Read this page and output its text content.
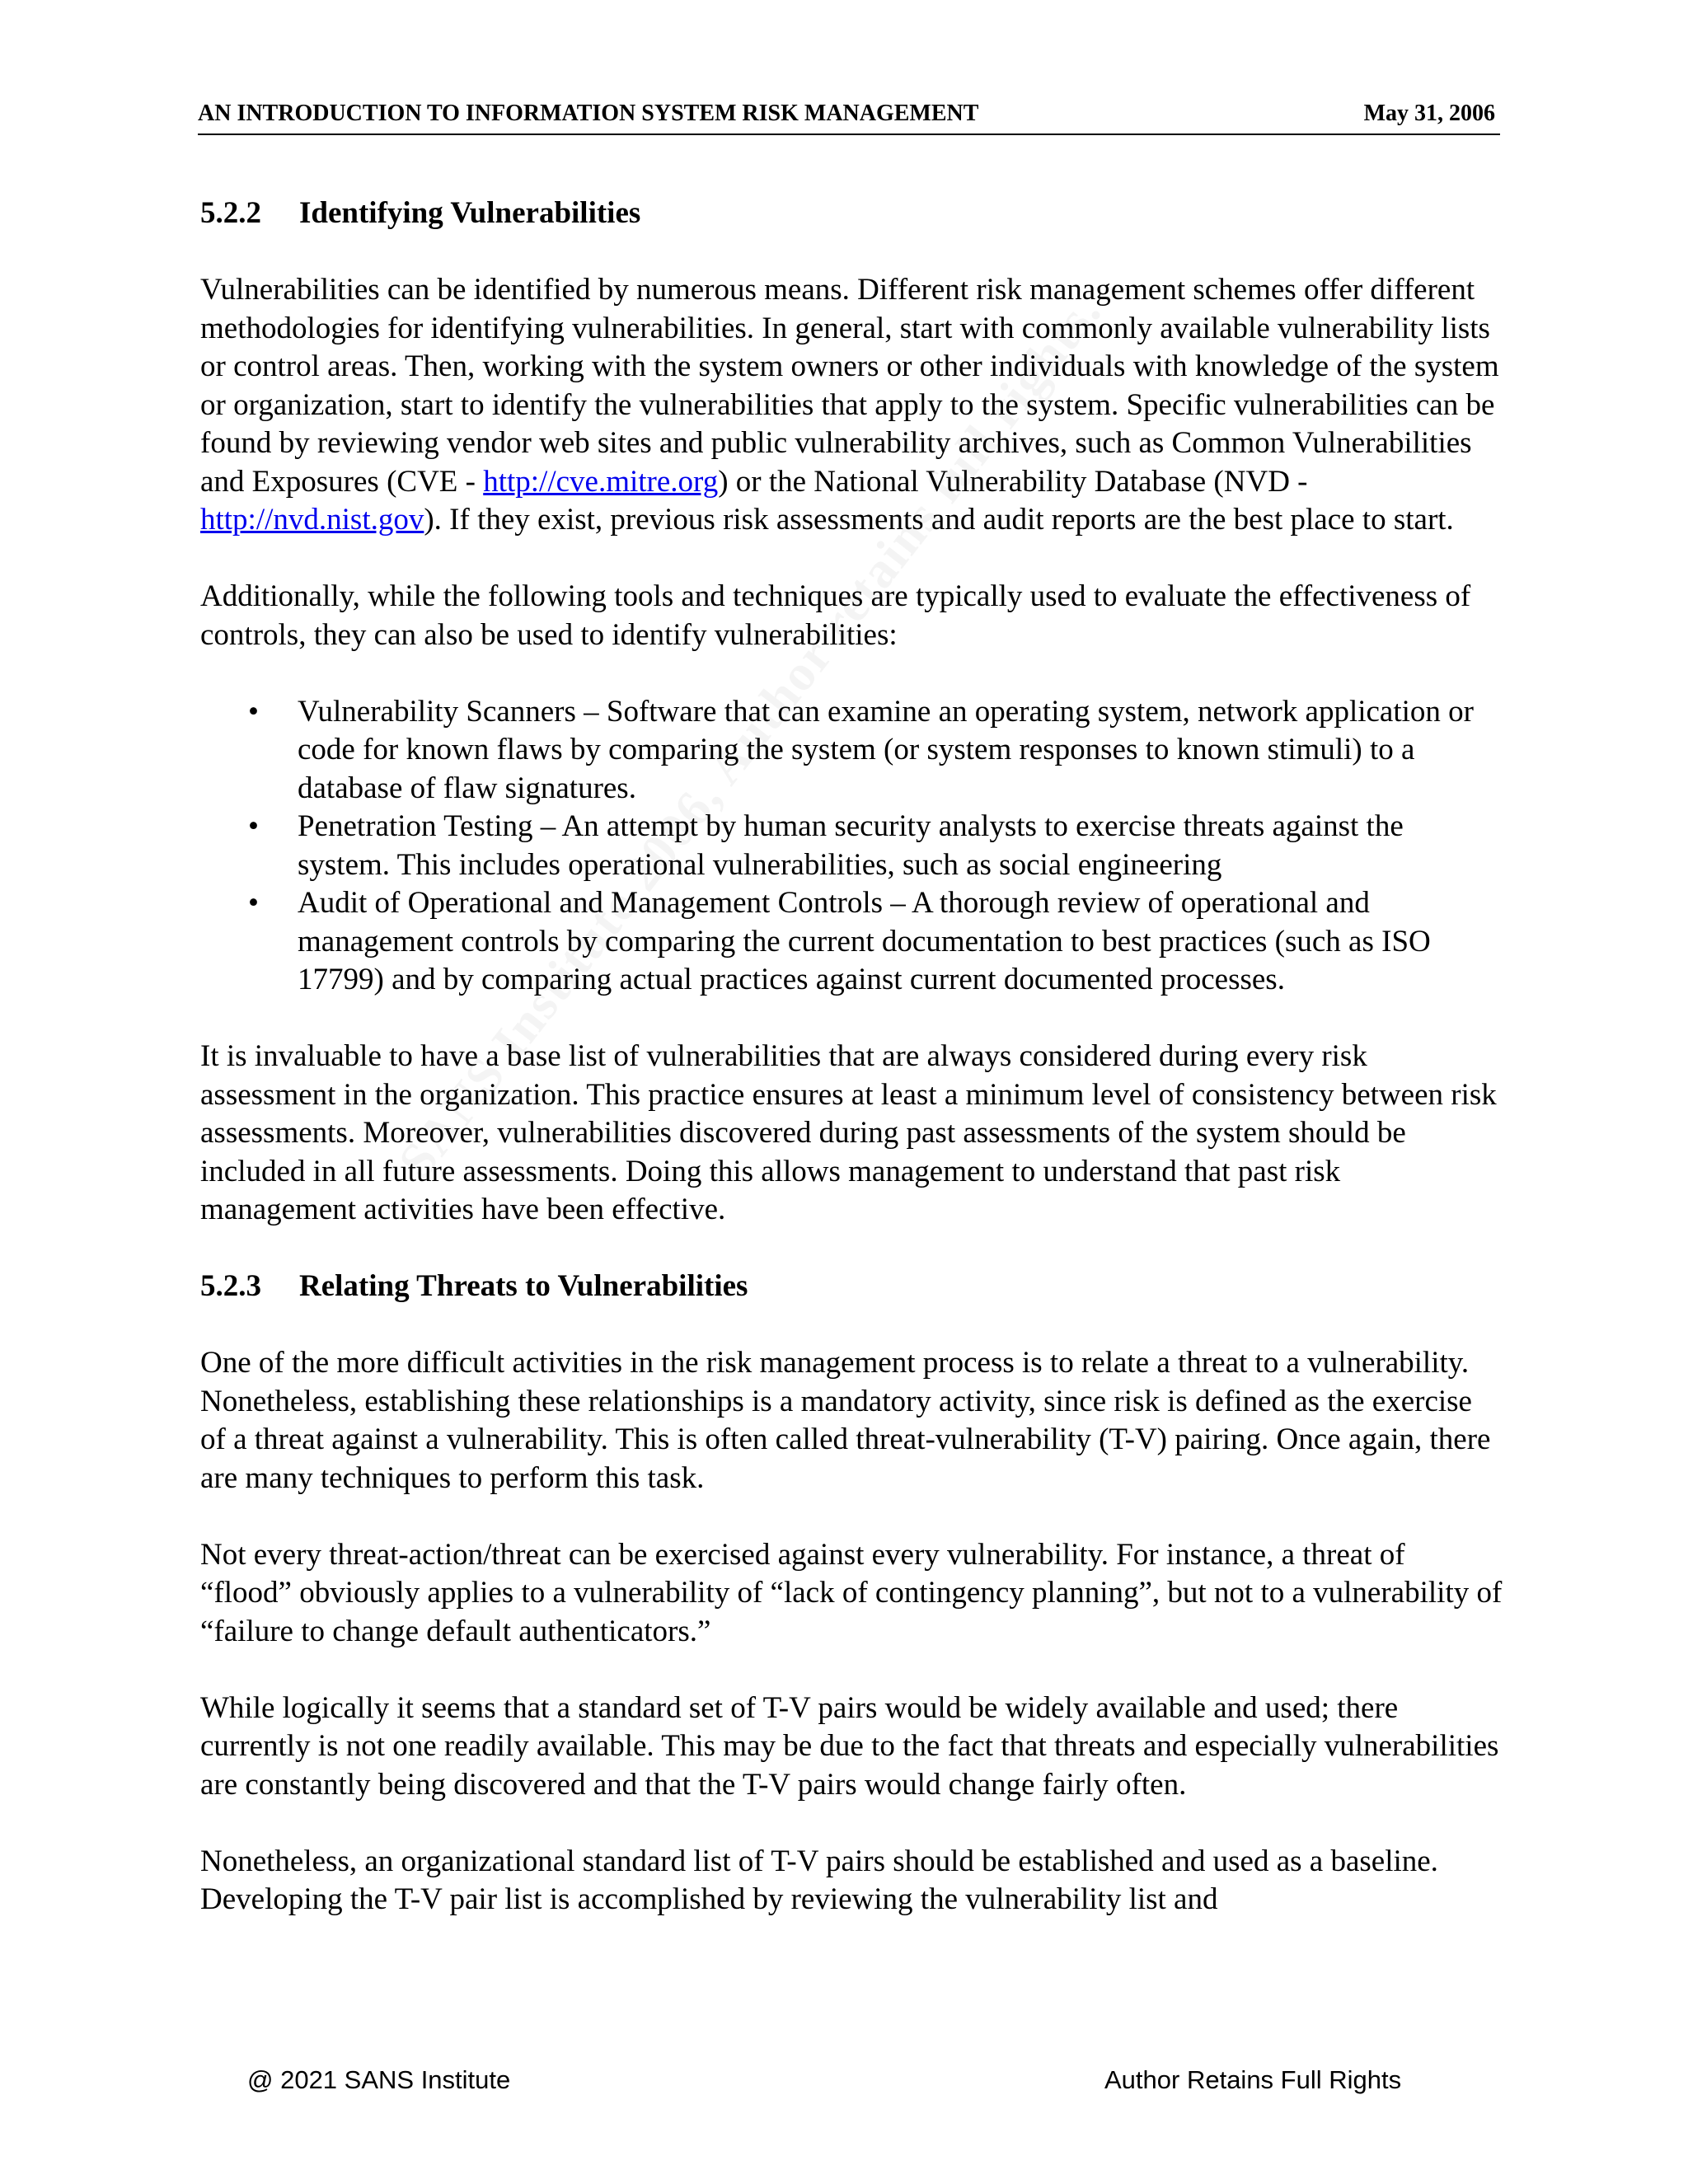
AN INTRODUCTION TO INFORMATION SYSTEM RISK MANAGEMENT	May 31, 2006
5.2.2 Identifying Vulnerabilities

Vulnerabilities can be identified by numerous means. Different risk management schemes offer different methodologies for identifying vulnerabilities. In general, start with commonly available vulnerability lists or control areas. Then, working with the system owners or other individuals with knowledge of the system or organization, start to identify the vulnerabilities that apply to the system. Specific vulnerabilities can be found by reviewing vendor web sites and public vulnerability archives, such as Common Vulnerabilities and Exposures (CVE - http://cve.mitre.org) or the National Vulnerability Database (NVD - http://nvd.nist.gov). If they exist, previous risk assessments and audit reports are the best place to start.

Additionally, while the following tools and techniques are typically used to evaluate the effectiveness of controls, they can also be used to identify vulnerabilities:

• Vulnerability Scanners – Software that can examine an operating system, network application or code for known flaws by comparing the system (or system responses to known stimuli) to a database of flaw signatures.
• Penetration Testing – An attempt by human security analysts to exercise threats against the system. This includes operational vulnerabilities, such as social engineering
• Audit of Operational and Management Controls – A thorough review of operational and management controls by comparing the current documentation to best practices (such as ISO 17799) and by comparing actual practices against current documented processes.

It is invaluable to have a base list of vulnerabilities that are always considered during every risk assessment in the organization. This practice ensures at least a minimum level of consistency between risk assessments. Moreover, vulnerabilities discovered during past assessments of the system should be included in all future assessments. Doing this allows management to understand that past risk management activities have been effective.

5.2.3 Relating Threats to Vulnerabilities

One of the more difficult activities in the risk management process is to relate a threat to a vulnerability. Nonetheless, establishing these relationships is a mandatory activity, since risk is defined as the exercise of a threat against a vulnerability. This is often called threat-vulnerability (T-V) pairing. Once again, there are many techniques to perform this task.

Not every threat-action/threat can be exercised against every vulnerability. For instance, a threat of “flood” obviously applies to a vulnerability of “lack of contingency planning”, but not to a vulnerability of “failure to change default authenticators.”

While logically it seems that a standard set of T-V pairs would be widely available and used; there currently is not one readily available. This may be due to the fact that threats and especially vulnerabilities are constantly being discovered and that the T-V pairs would change fairly often.

Nonetheless, an organizational standard list of T-V pairs should be established and used as a baseline. Developing the T-V pair list is accomplished by reviewing the vulnerability list and

@ 2021 SANS Institute	Author Retains Full Rights
